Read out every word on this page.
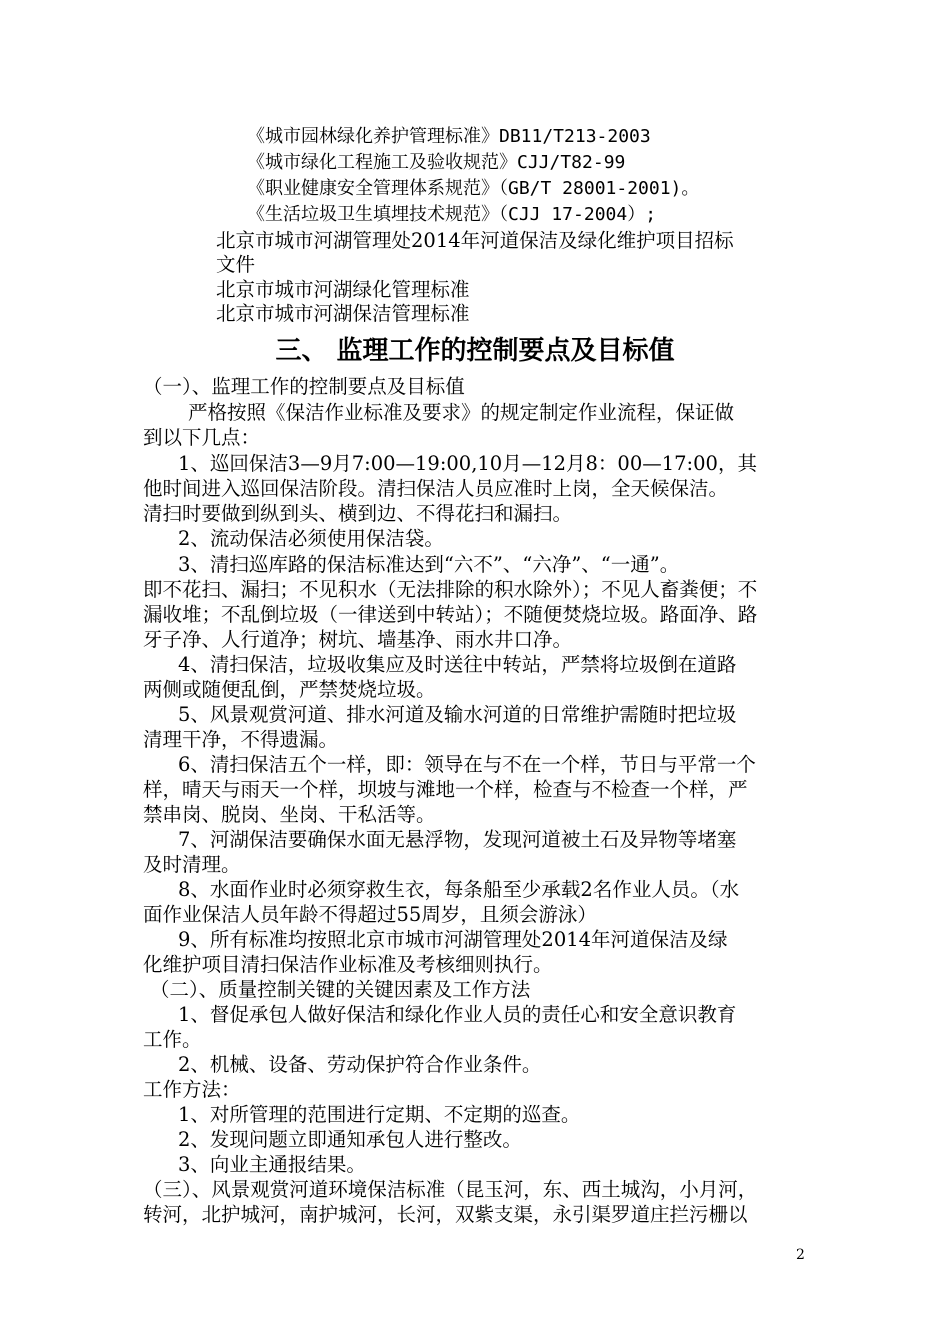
《城市园林绿化养护管理标准》DB11/T213-2003
《城市绿化工程施工及验收规范》CJJ/T82-99
《职业健康安全管理体系规范》（GB/T 28001-2001)。
《生活垃圾卫生填埋技术规范》（CJJ 17-2004）;
北京市城市河湖管理处2014年河道保洁及绿化维护项目招标
文件
北京市城市河湖绿化管理标准
北京市城市河湖保洁管理标准
三、 监理工作的控制要点及目标值
（一）、监理工作的控制要点及目标值
严格按照《保洁作业标准及要求》的规定制定作业流程，保证做
到以下几点：
1、巡回保洁3—9月7:00—19:00,10月—12月8：00—17:00，其
他时间进入巡回保洁阶段。清扫保洁人员应准时上岗，全天候保洁。
清扫时要做到纵到头、横到边、不得花扫和漏扫。
2、流动保洁必须使用保洁袋。
3、清扫巡库路的保洁标准达到“六不”、“六净”、“一通”。
即不花扫、漏扫；不见积水（无法排除的积水除外）；不见人畜粪便；不
漏收堆；不乱倒垃圾（一律送到中转站）；不随便焚烧垃圾。路面净、路
牙子净、人行道净；树坑、墙基净、雨水井口净。
4、清扫保洁，垃圾收集应及时送往中转站，严禁将垃圾倒在道路
两侧或随便乱倒，严禁焚烧垃圾。
5、风景观赏河道、排水河道及输水河道的日常维护需随时把垃圾
清理干净，不得遗漏。
6、清扫保洁五个一样，即：领导在与不在一个样，节日与平常一个
样，晴天与雨天一个样，坝坡与滩地一个样，检查与不检查一个样，严
禁串岗、脱岗、坐岗、干私活等。
7、河湖保洁要确保水面无悬浮物，发现河道被土石及异物等堵塞
及时清理。
8、水面作业时必须穿救生衣，每条船至少承载2名作业人员。（水
面作业保洁人员年龄不得超过55周岁，且须会游泳）
9、所有标准均按照北京市城市河湖管理处2014年河道保洁及绿
化维护项目清扫保洁作业标准及考核细则执行。
（二）、质量控制关键的关键因素及工作方法
1、督促承包人做好保洁和绿化作业人员的责任心和安全意识教育
工作。
2、机械、设备、劳动保护符合作业条件。
工作方法：
1、对所管理的范围进行定期、不定期的巡查。
2、发现问题立即通知承包人进行整改。
3、向业主通报结果。
（三）、风景观赏河道环境保洁标准（昆玉河，东、西土城沟，小月河，
转河，北护城河，南护城河，长河，双紫支渠，永引渠罗道庄拦污栅以
2
